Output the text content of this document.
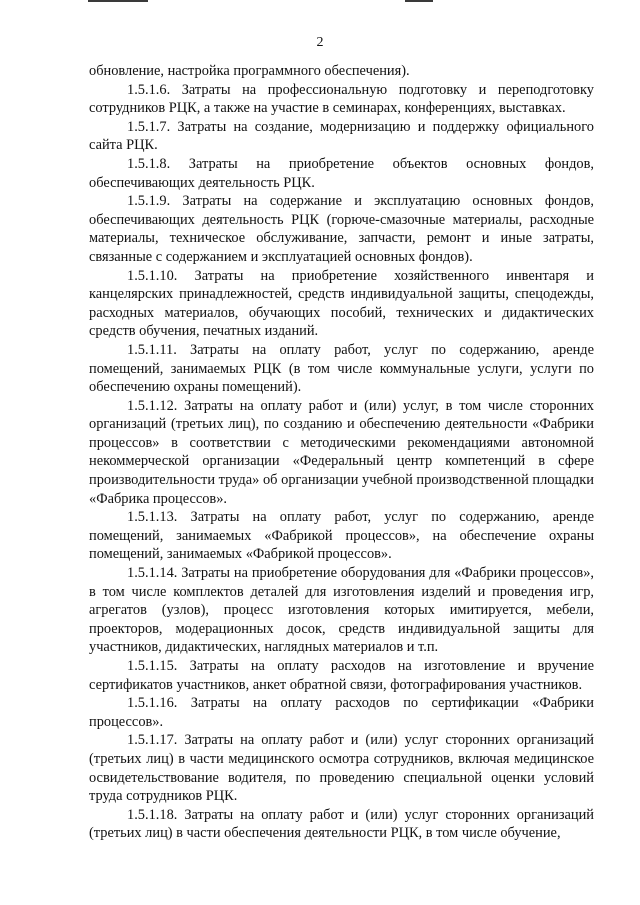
2

обновление, настройка программного обеспечения).

1.5.1.6. Затраты на профессиональную подготовку и переподготовку сотрудников РЦК, а также на участие в семинарах, конференциях, выставках.

1.5.1.7. Затраты на создание, модернизацию и поддержку официального сайта РЦК.

1.5.1.8. Затраты на приобретение объектов основных фондов, обеспечивающих деятельность РЦК.

1.5.1.9. Затраты на содержание и эксплуатацию основных фондов, обеспечивающих деятельность РЦК (горюче-смазочные материалы, расходные материалы, техническое обслуживание, запчасти, ремонт и иные затраты, связанные с содержанием и эксплуатацией основных фондов).

1.5.1.10. Затраты на приобретение хозяйственного инвентаря и канцелярских принадлежностей, средств индивидуальной защиты, спецодежды, расходных материалов, обучающих пособий, технических и дидактических средств обучения, печатных изданий.

1.5.1.11. Затраты на оплату работ, услуг по содержанию, аренде помещений, занимаемых РЦК (в том числе коммунальные услуги, услуги по обеспечению охраны помещений).

1.5.1.12. Затраты на оплату работ и (или) услуг, в том числе сторонних организаций (третьих лиц), по созданию и обеспечению деятельности «Фабрики процессов» в соответствии с методическими рекомендациями автономной некоммерческой организации «Федеральный центр компетенций в сфере производительности труда» об организации учебной производственной площадки «Фабрика процессов».

1.5.1.13. Затраты на оплату работ, услуг по содержанию, аренде помещений, занимаемых «Фабрикой процессов», на обеспечение охраны помещений, занимаемых «Фабрикой процессов».

1.5.1.14. Затраты на приобретение оборудования для «Фабрики процессов», в том числе комплектов деталей для изготовления изделий и проведения игр, агрегатов (узлов), процесс изготовления которых имитируется, мебели, проекторов, модерационных досок, средств индивидуальной защиты для участников, дидактических, наглядных материалов и т.п.

1.5.1.15. Затраты на оплату расходов на изготовление и вручение сертификатов участников, анкет обратной связи, фотографирования участников.

1.5.1.16. Затраты на оплату расходов по сертификации «Фабрики процессов».

1.5.1.17. Затраты на оплату работ и (или) услуг сторонних организаций (третьих лиц) в части медицинского осмотра сотрудников, включая медицинское освидетельствование водителя, по проведению специальной оценки условий труда сотрудников РЦК.

1.5.1.18. Затраты на оплату работ и (или) услуг сторонних организаций (третьих лиц) в части обеспечения деятельности РЦК, в том числе обучение,
